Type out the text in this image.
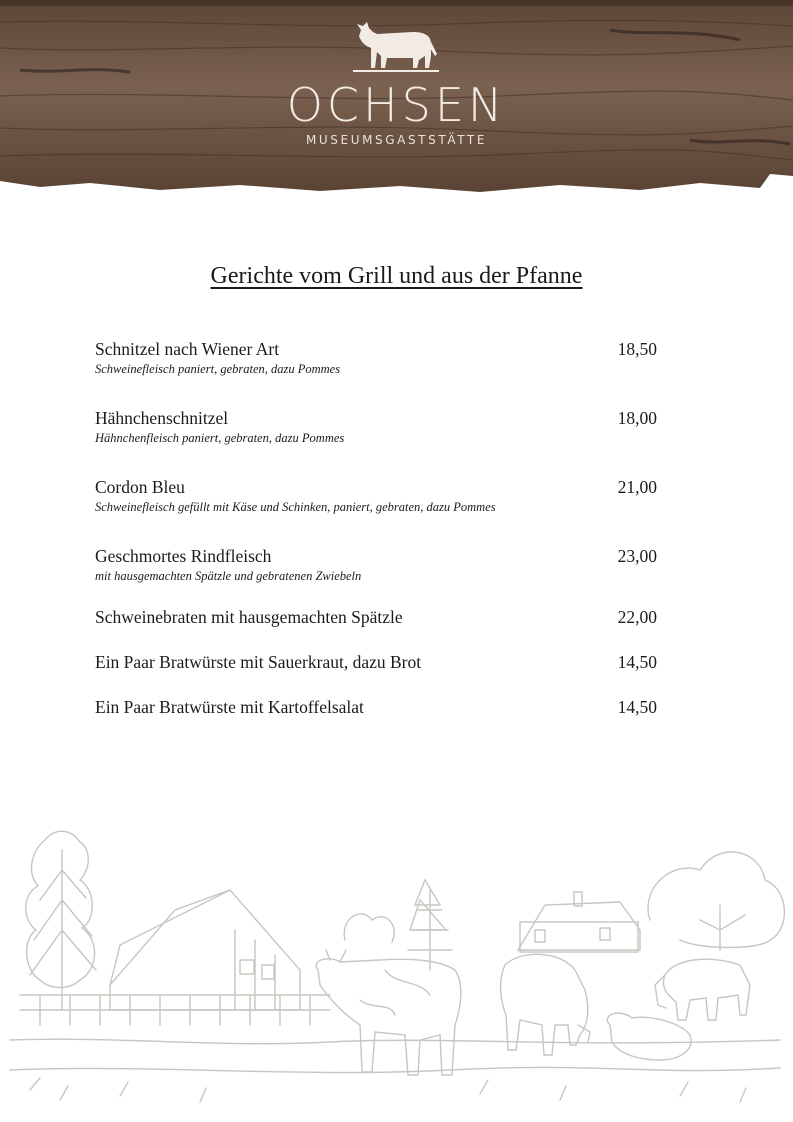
OCHSEN
MUSEUMSGASTSTÄTTE
Gerichte vom Grill und aus der Pfanne
Schnitzel nach Wiener Art	18,50
Schweinefleisch paniert, gebraten, dazu Pommes
Hähnchenschnitzel	18,00
Hähnchenfleisch paniert, gebraten, dazu Pommes
Cordon Bleu	21,00
Schweinefleisch gefüllt mit Käse und Schinken, paniert, gebraten, dazu Pommes
Geschmortes Rindfleisch	23,00
mit hausgemachten Spätzle und gebratenen Zwiebeln
Schweinebraten mit hausgemachten Spätzle	22,00
Ein Paar Bratwürste mit Sauerkraut, dazu Brot	14,50
Ein Paar Bratwürste mit Kartoffelsalat	14,50
